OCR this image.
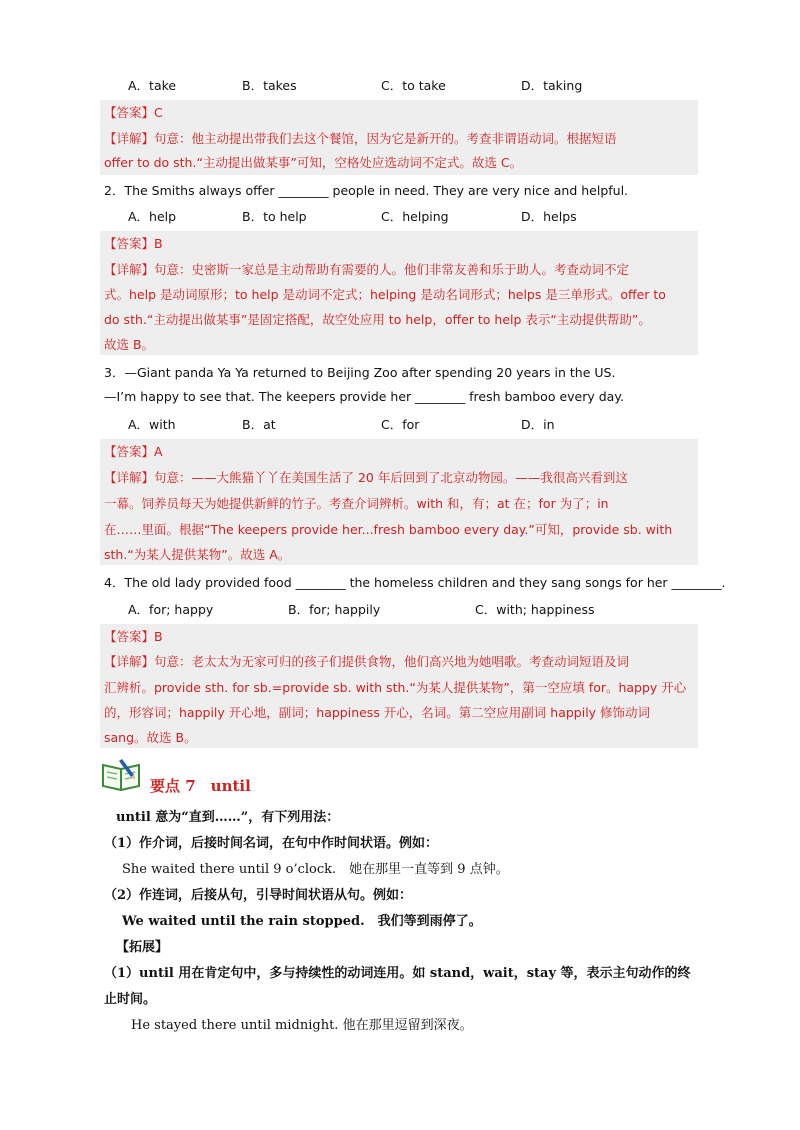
A．take	B．takes	C．to take	D．taking
【答案】C
【详解】句意：他主动提出带我们去这个餐馆，因为它是新开的。考查非谓语动词。根据短语
offer to do sth.“主动提出做某事”可知，空格处应选动词不定式。故选 C。
2．The Smiths always offer ________ people in need. They are very nice and helpful.
A．help	B．to help	C．helping	D．helps
【答案】B
【详解】句意：史密斯一家总是主动帮助有需要的人。他们非常友善和乐于助人。考查动词不定
式。help 是动词原形；to help 是动词不定式；helping 是动名词形式；helps 是三单形式。offer to
do sth.“主动提出做某事”是固定搭配，故空处应用 to help，offer to help 表示“主动提供帮助”。
故选 B。
3．—Giant panda Ya Ya returned to Beijing Zoo after spending 20 years in the US.
—I’m happy to see that. The keepers provide her ________ fresh bamboo every day.
A．with	B．at	C．for	D．in
【答案】A
【详解】句意：——大熊猫丫丫在美国生活了 20 年后回到了北京动物园。——我很高兴看到这
一幕。饲养员每天为她提供新鲜的竹子。考查介词辨析。with 和，有；at 在；for 为了；in
在……里面。根据“The keepers provide her...fresh bamboo every day.”可知，provide sb. with
sth.“为某人提供某物”。故选 A。
4．The old lady provided food ________ the homeless children and they sang songs for her ________.
A．for; happy	B．for; happily	C．with; happiness
【答案】B
【详解】句意：老太太为无家可归的孩子们提供食物，他们高兴地为她唱歌。考查动词短语及词
汇辨析。provide sth. for sb.=provide sb. with sth.“为某人提供某物”，第一空应填 for。happy 开心
的，形容词；happily 开心地，副词；happiness 开心，名词。第二空应用副词 happily 修饰动词
sang。故选 B。
要点 7　until
until 意为“直到……”，有下列用法：
（1）作介词，后接时间名词，在句中作时间状语。例如：
She waited there until 9 o’clock.　她在那里一直等到 9 点钟。
（2）作连词，后接从句，引导时间状语从句。例如：
We waited until the rain stopped.　我们等到雨停了。
【拓展】
（1）until 用在肯定句中，多与持续性的动词连用。如 stand，wait，stay 等，表示主句动作的终
止时间。
He stayed there until midnight. 他在那里逗留到深夜。
